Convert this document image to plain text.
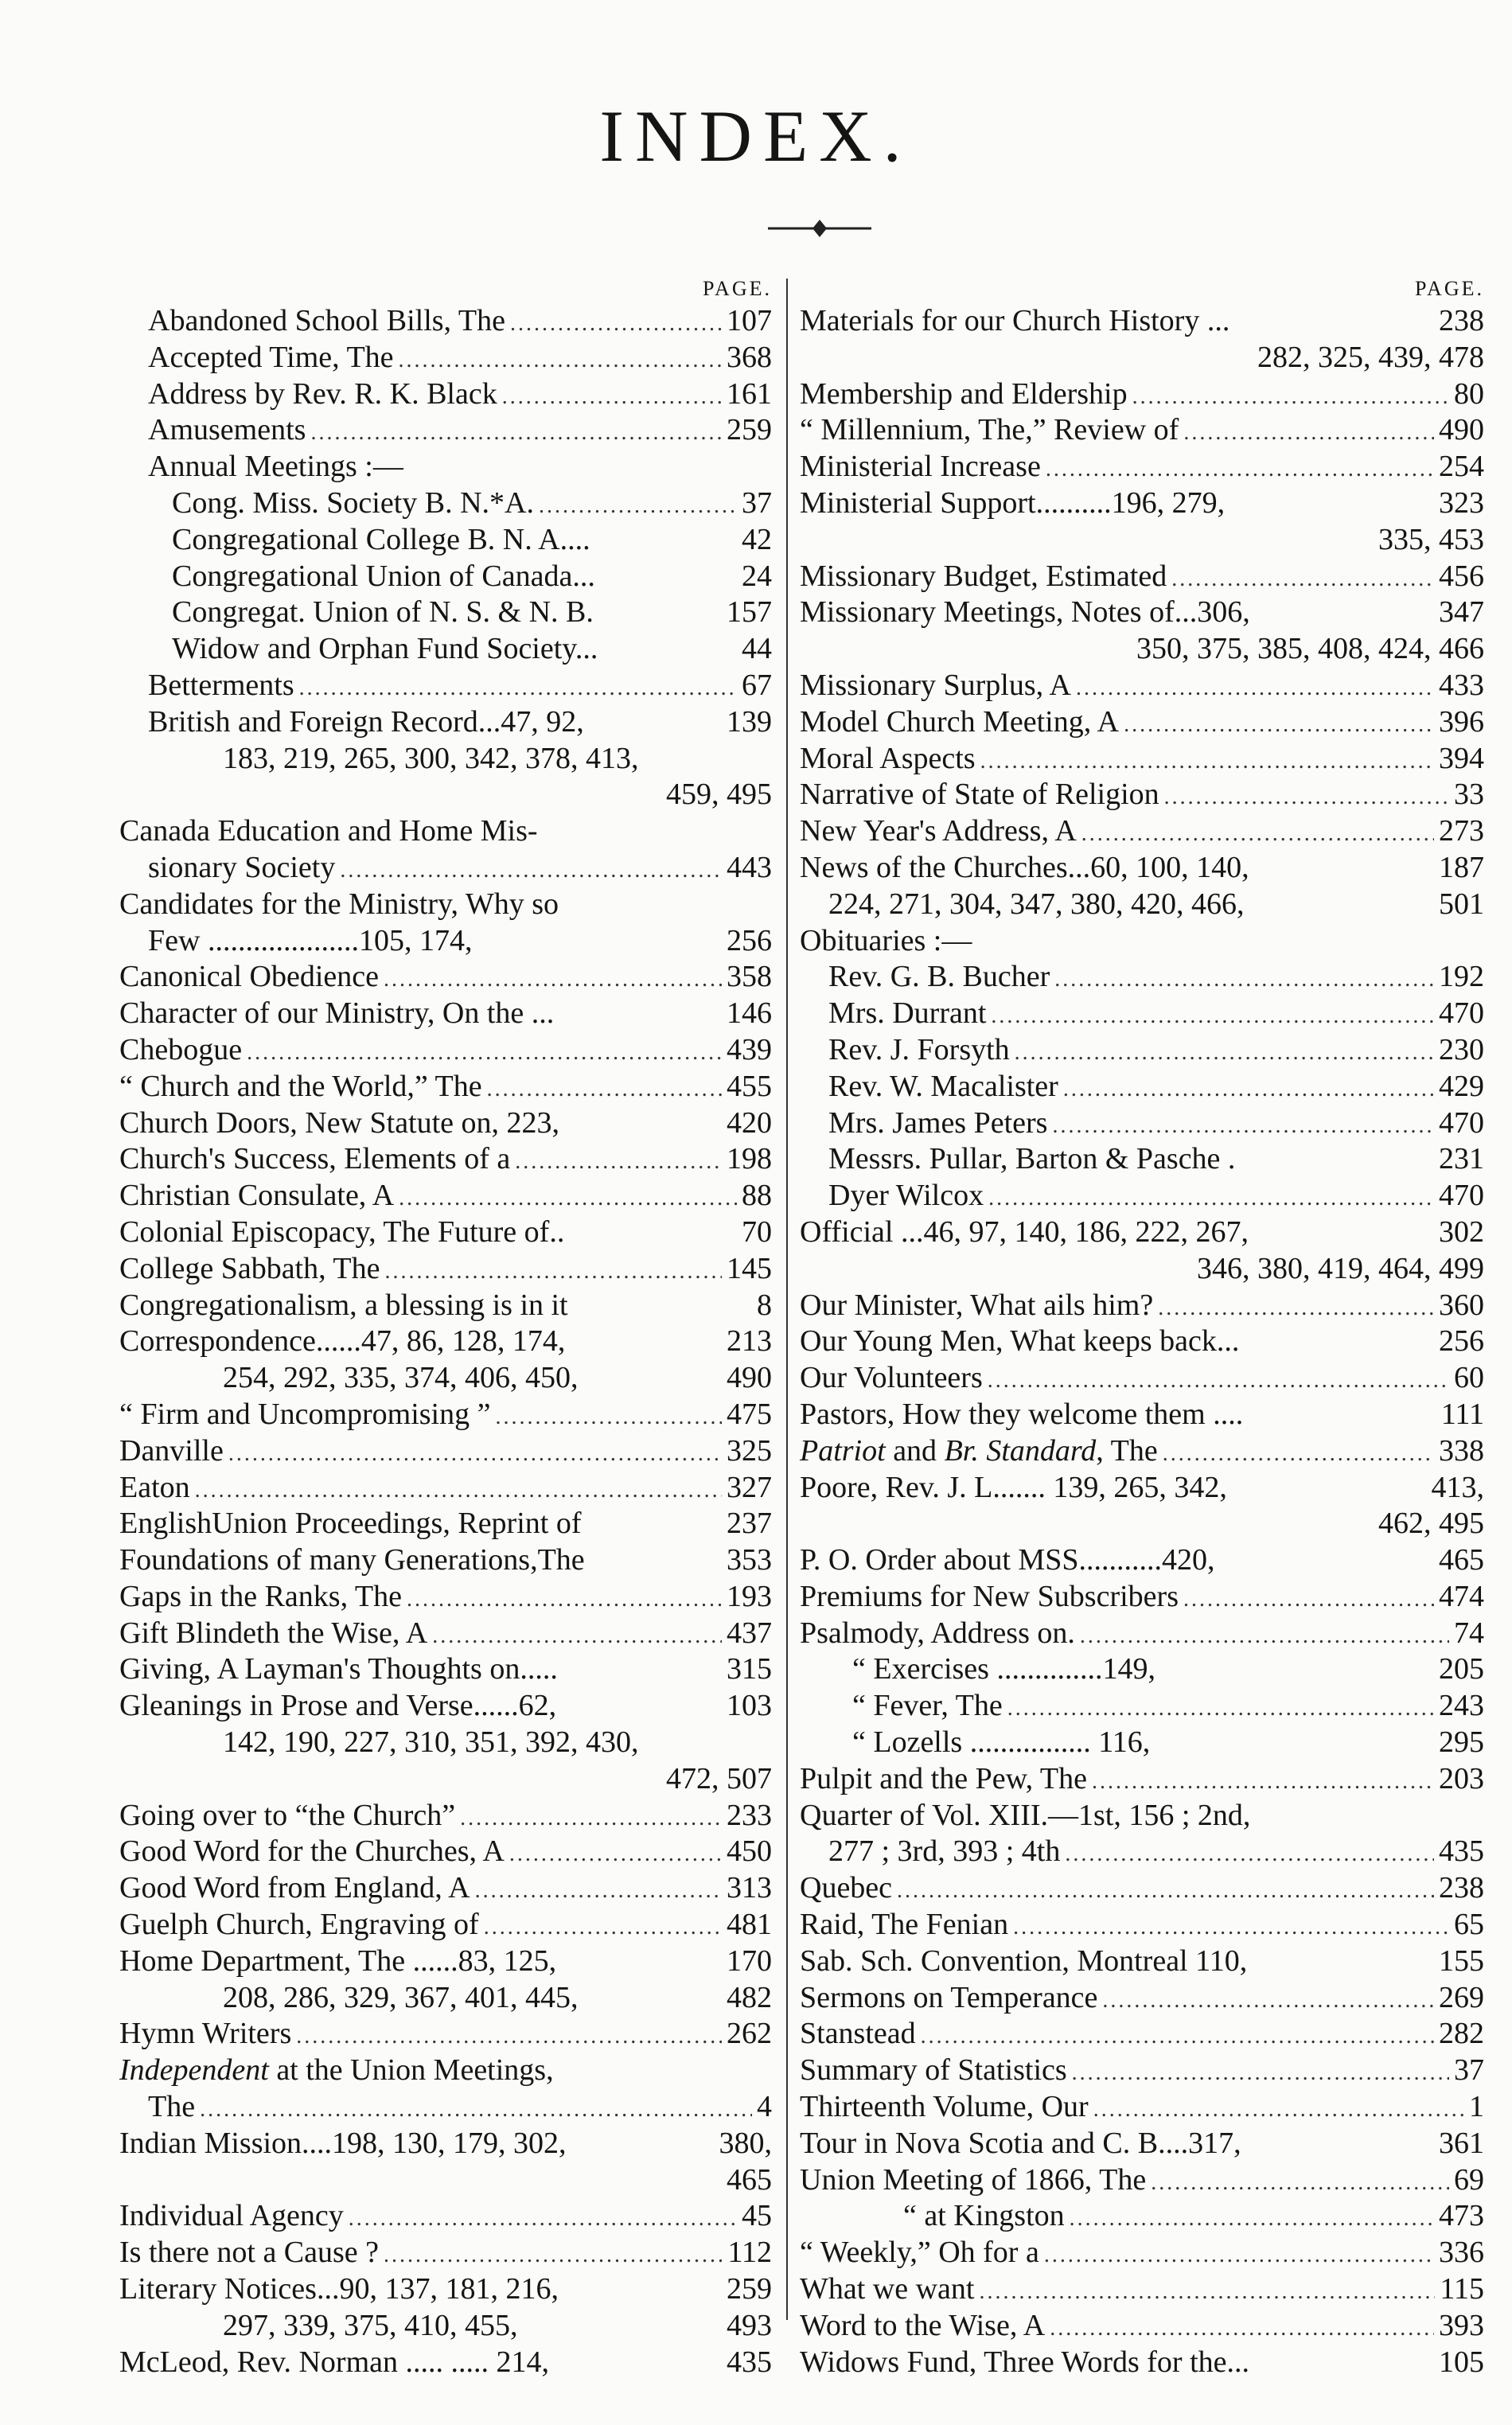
INDEX.
PAGE.
Abandoned School Bills, The . . .	107
Accepted Time, The . . .	368
Address by Rev. R. K. Black . . .	161
Amusements . . .	259
Annual Meetings :—
Cong. Miss. Society B. N.*A. . . .	37
Congregational College B. N. A....	42
Congregational Union of Canada...	24
Congregat. Union of N. S. & N. B.	157
Widow and Orphan Fund Society...	44
Betterments . . .	67
British and Foreign Record...47, 92,	139
183, 219, 265, 300, 342, 378, 413,
459, 495
Canada Education and Home Mis-
sionary Society . . .	443
Candidates for the Ministry, Why so
Few ....................105, 174,	256
Canonical Obedience . . .	358
Character of our Ministry, On the ...	146
Chebogue . . .	439
“ Church and the World,” The . . .	455
Church Doors, New Statute on, 223,	420
Church's Success, Elements of a . . .	198
Christian Consulate, A . . .	88
Colonial Episcopacy, The Future of..	70
College Sabbath, The . . .	145
Congregationalism, a blessing is in it	8
Correspondence......47, 86, 128, 174,	213
254, 292, 335, 374, 406, 450,	490
“ Firm and Uncompromising ” . . .	475
Danville . . .	325
Eaton . . .	327
EnglishUnion Proceedings, Reprint of	237
Foundations of many Generations,The	353
Gaps in the Ranks, The . . .	193
Gift Blindeth the Wise, A . . .	437
Giving, A Layman's Thoughts on.....	315
Gleanings in Prose and Verse......62,	103
142, 190, 227, 310, 351, 392, 430,
472, 507
Going over to “the Church” . . .	233
Good Word for the Churches, A . . .	450
Good Word from England, A . . .	313
Guelph Church, Engraving of . . .	481
Home Department, The ......83, 125,	170
208, 286, 329, 367, 401, 445,	482
Hymn Writers . . .	262
Independent at the Union Meetings,
The . . .	4
Indian Mission....198, 130, 179, 302,	380,
465
Individual Agency . . .	45
Is there not a Cause ? . . .	112
Literary Notices...90, 137, 181, 216,	259
297, 339, 375, 410, 455,	493
McLeod, Rev. Norman ..... ..... 214,	435
PAGE.
Materials for our Church History ...	238
282, 325, 439, 478
Membership and Eldership . . .	80
“ Millennium, The,” Review of . . .	490
Ministerial Increase . . .	254
Ministerial Support..........196, 279,	323
335, 453
Missionary Budget, Estimated . . .	456
Missionary Meetings, Notes of...306,	347
350, 375, 385, 408, 424, 466
Missionary Surplus, A . . .	433
Model Church Meeting, A . . .	396
Moral Aspects . . .	394
Narrative of State of Religion . . .	33
New Year's Address, A . . .	273
News of the Churches...60, 100, 140,	187
224, 271, 304, 347, 380, 420, 466,	501
Obituaries :—
Rev. G. B. Bucher . . .	192
Mrs. Durrant . . .	470
Rev. J. Forsyth . . .	230
Rev. W. Macalister . . .	429
Mrs. James Peters . . .	470
Messrs. Pullar, Barton & Pasche .	231
Dyer Wilcox . . .	470
Official ...46, 97, 140, 186, 222, 267,	302
346, 380, 419, 464, 499
Our Minister, What ails him? . . .	360
Our Young Men, What keeps back...	256
Our Volunteers . . .	60
Pastors, How they welcome them ....	111
Patriot and Br. Standard, The . . .	338
Poore, Rev. J. L....... 139, 265, 342,	413,
462, 495
P. O. Order about MSS...........420,	465
Premiums for New Subscribers . . .	474
Psalmody, Address on. . . .	74
“ Exercises ..............149,	205
“ Fever, The . . .	243
“ Lozells ................ 116,	295
Pulpit and the Pew, The . . .	203
Quarter of Vol. XIII.—1st, 156 ; 2nd,
277 ; 3rd, 393 ; 4th . . .	435
Quebec . . .	238
Raid, The Fenian . . .	65
Sab. Sch. Convention, Montreal 110,	155
Sermons on Temperance . . .	269
Stanstead . . .	282
Summary of Statistics . . .	37
Thirteenth Volume, Our . . .	1
Tour in Nova Scotia and C. B....317,	361
Union Meeting of 1866, The . . .	69
“ at Kingston . . .	473
“ Weekly,” Oh for a . . .	336
What we want . . .	115
Word to the Wise, A . . .	393
Widows Fund, Three Words for the...	105
